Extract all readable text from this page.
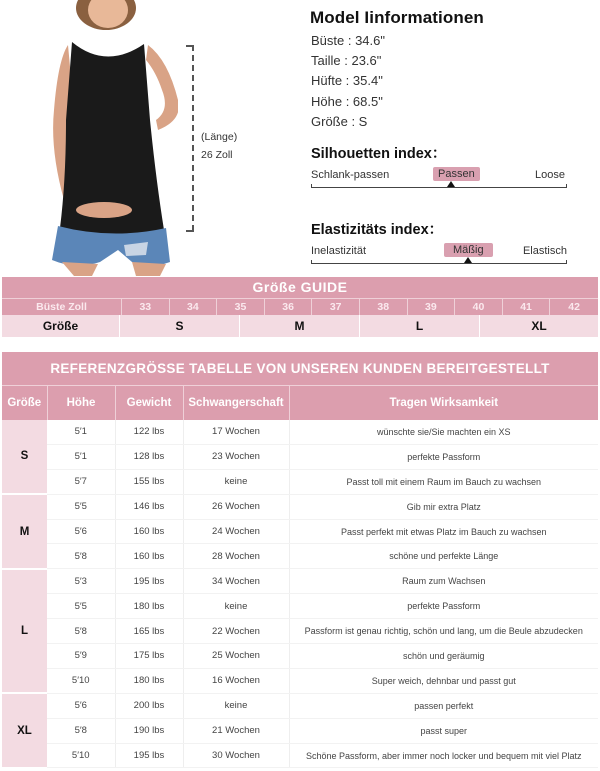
(Länge)
26 Zoll
Model Iinformationen
Büste : 34.6"
Taille : 23.6"
Hüfte : 35.4"
Höhe : 68.5"
Größe : S
Silhouetten index：
Schlank-passen	Passen	Loose
Elastizitäts index：
Inelastizität	Mäßig	Elastisch
Größe GUIDE
Büste Zoll	33	34	35	36	37	38	39	40	41	42
Größe	S	M	L	XL
REFERENZGRÖSSE TABELLE VON UNSEREN KUNDEN BEREITGESTELLT
Größe	Höhe	Gewicht	Schwangerschaft	Tragen Wirksamkeit
S	5′1	122 lbs	17 Wochen	wünschte sie/Sie machten ein XS
	5′1	128 lbs	23 Wochen	perfekte Passform
	5′7	155 lbs	keine	Passt toll mit einem Raum im Bauch zu wachsen
M	5′5	146 lbs	26 Wochen	Gib mir extra Platz
	5′6	160 lbs	24 Wochen	Passt perfekt mit etwas Platz im Bauch zu wachsen
	5′8	160 lbs	28 Wochen	schöne und perfekte Länge
L	5′3	195 lbs	34 Wochen	Raum zum Wachsen
	5′5	180 lbs	keine	perfekte Passform
	5′8	165 lbs	22 Wochen	Passform ist genau richtig, schön und lang, um die Beule abzudecken
	5′9	175 lbs	25 Wochen	schön und geräumig
	5′10	180 lbs	16 Wochen	Super weich, dehnbar und passt gut
XL	5′6	200 lbs	keine	passen perfekt
	5′8	190 lbs	21 Wochen	passt super
	5′10	195 lbs	30 Wochen	Schöne Passform, aber immer noch locker und bequem mit viel Platz
